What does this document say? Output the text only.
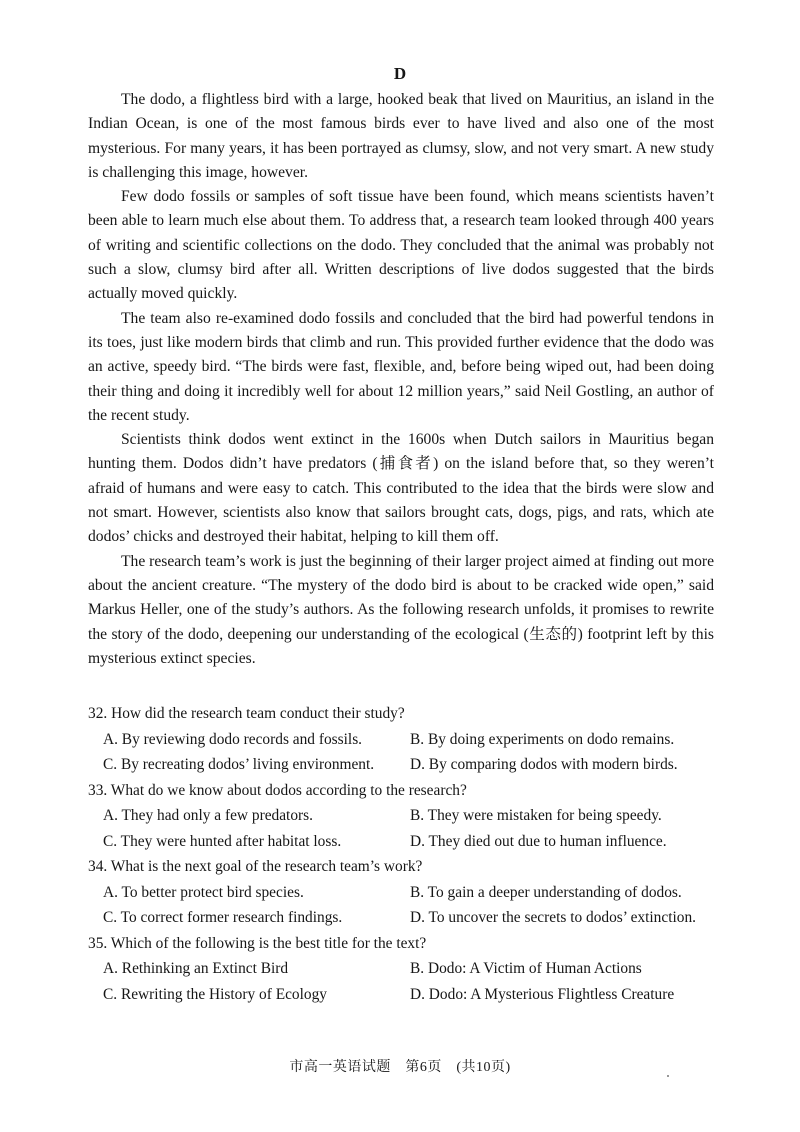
D

The dodo, a flightless bird with a large, hooked beak that lived on Mauritius, an island in the Indian Ocean, is one of the most famous birds ever to have lived and also one of the most mysterious. For many years, it has been portrayed as clumsy, slow, and not very smart. A new study is challenging this image, however.

Few dodo fossils or samples of soft tissue have been found, which means scientists haven’t been able to learn much else about them. To address that, a research team looked through 400 years of writing and scientific collections on the dodo. They concluded that the animal was probably not such a slow, clumsy bird after all. Written descriptions of live dodos suggested that the birds actually moved quickly.

The team also re-examined dodo fossils and concluded that the bird had powerful tendons in its toes, just like modern birds that climb and run. This provided further evidence that the dodo was an active, speedy bird. “The birds were fast, flexible, and, before being wiped out, had been doing their thing and doing it incredibly well for about 12 million years,” said Neil Gostling, an author of the recent study.

Scientists think dodos went extinct in the 1600s when Dutch sailors in Mauritius began hunting them. Dodos didn’t have predators (捕食者) on the island before that, so they weren’t afraid of humans and were easy to catch. This contributed to the idea that the birds were slow and not smart. However, scientists also know that sailors brought cats, dogs, pigs, and rats, which ate dodos’ chicks and destroyed their habitat, helping to kill them off.

The research team’s work is just the beginning of their larger project aimed at finding out more about the ancient creature. “The mystery of the dodo bird is about to be cracked wide open,” said Markus Heller, one of the study’s authors. As the following research unfolds, it promises to rewrite the story of the dodo, deepening our understanding of the ecological (生态的) footprint left by this mysterious extinct species.

32. How did the research team conduct their study?
A. By reviewing dodo records and fossils.	B. By doing experiments on dodo remains.
C. By recreating dodos’ living environment.	D. By comparing dodos with modern birds.
33. What do we know about dodos according to the research?
A. They had only a few predators.	B. They were mistaken for being speedy.
C. They were hunted after habitat loss.	D. They died out due to human influence.
34. What is the next goal of the research team’s work?
A. To better protect bird species.	B. To gain a deeper understanding of dodos.
C. To correct former research findings.	D. To uncover the secrets to dodos’ extinction.
35. Which of the following is the best title for the text?
A. Rethinking an Extinct Bird	B. Dodo: A Victim of Human Actions
C. Rewriting the History of Ecology	D. Dodo: A Mysterious Flightless Creature
市高一英语试题　第6页　(共10页)
